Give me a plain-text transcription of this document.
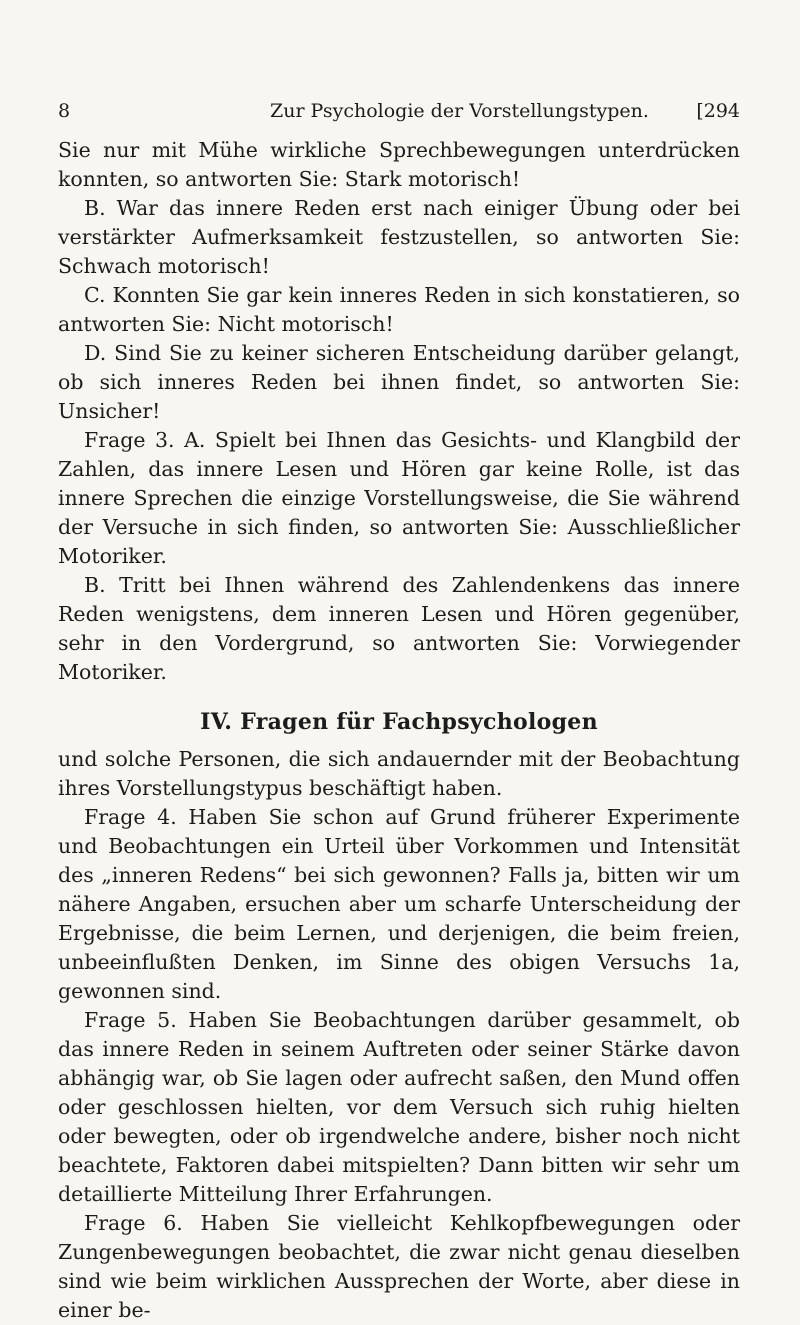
8	Zur Psychologie der Vorstellungstypen. [294

Sie nur mit Mühe wirkliche Sprechbewegungen unterdrücken konnten, so antworten Sie: Stark motorisch!

B. War das innere Reden erst nach einiger Übung oder bei verstärkter Aufmerksamkeit festzustellen, so antworten Sie: Schwach motorisch!

C. Konnten Sie gar kein inneres Reden in sich konstatieren, so antworten Sie: Nicht motorisch!

D. Sind Sie zu keiner sicheren Entscheidung darüber gelangt, ob sich inneres Reden bei ihnen findet, so antworten Sie: Unsicher!

Frage 3. A. Spielt bei Ihnen das Gesichts- und Klangbild der Zahlen, das innere Lesen und Hören gar keine Rolle, ist das innere Sprechen die einzige Vorstellungsweise, die Sie während der Versuche in sich finden, so antworten Sie: Ausschließlicher Motoriker.

B. Tritt bei Ihnen während des Zahlendenkens das innere Reden wenigstens, dem inneren Lesen und Hören gegenüber, sehr in den Vordergrund, so antworten Sie: Vorwiegender Motoriker.

IV. Fragen für Fachpsychologen

und solche Personen, die sich andauernder mit der Beobachtung ihres Vorstellungstypus beschäftigt haben.

Frage 4. Haben Sie schon auf Grund früherer Experimente und Beobachtungen ein Urteil über Vorkommen und Intensität des „inneren Redens“ bei sich gewonnen? Falls ja, bitten wir um nähere Angaben, ersuchen aber um scharfe Unterscheidung der Ergebnisse, die beim Lernen, und derjenigen, die beim freien, unbeeinflußten Denken, im Sinne des obigen Versuchs 1a, gewonnen sind.

Frage 5. Haben Sie Beobachtungen darüber gesammelt, ob das innere Reden in seinem Auftreten oder seiner Stärke davon abhängig war, ob Sie lagen oder aufrecht saßen, den Mund offen oder geschlossen hielten, vor dem Versuch sich ruhig hielten oder bewegten, oder ob irgendwelche andere, bisher noch nicht beachtete, Faktoren dabei mitspielten? Dann bitten wir sehr um detaillierte Mitteilung Ihrer Erfahrungen.

Frage 6. Haben Sie vielleicht Kehlkopfbewegungen oder Zungenbewegungen beobachtet, die zwar nicht genau dieselben sind wie beim wirklichen Aussprechen der Worte, aber diese in einer be-
